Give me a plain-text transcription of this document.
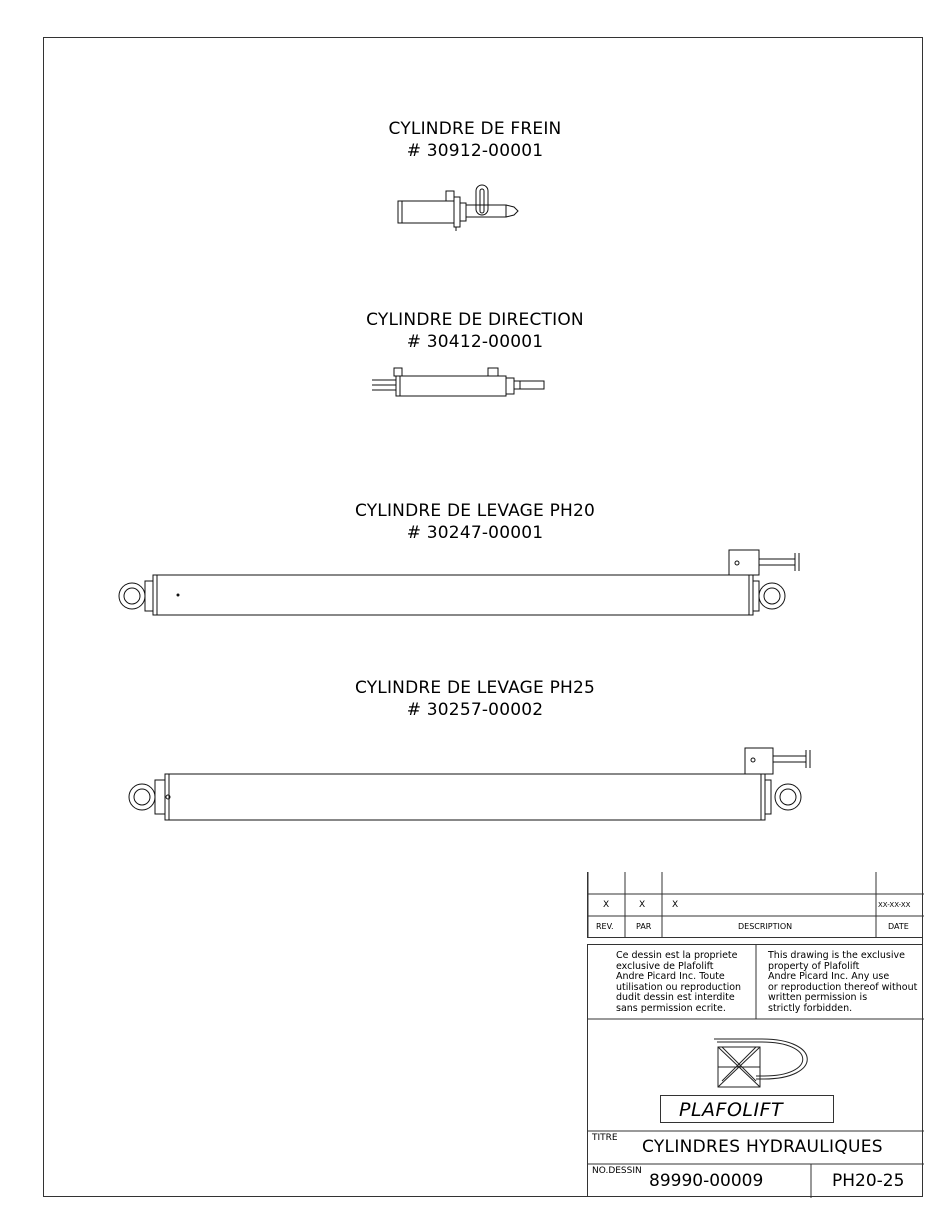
CYLINDRE DE FREIN
# 30912-00001
CYLINDRE DE DIRECTION
# 30412-00001
CYLINDRE DE LEVAGE PH20
# 30247-00001
CYLINDRE DE LEVAGE PH25
# 30257-00002
X	X	X	XX-XX-XX
REV.	PAR	DESCRIPTION	DATE
Ce dessin est la propriete
exclusive de Plafolift
Andre Picard Inc. Toute
utilisation ou reproduction
dudit dessin est interdite
sans permission ecrite.
This drawing is the exclusive
property of Plafolift
Andre Picard Inc. Any use
or reproduction thereof without
written permission is
strictly forbidden.
PLAFOLIFT
TITRE CYLINDRES HYDRAULIQUES
NO.DESSIN 89990-00009	PH20-25
